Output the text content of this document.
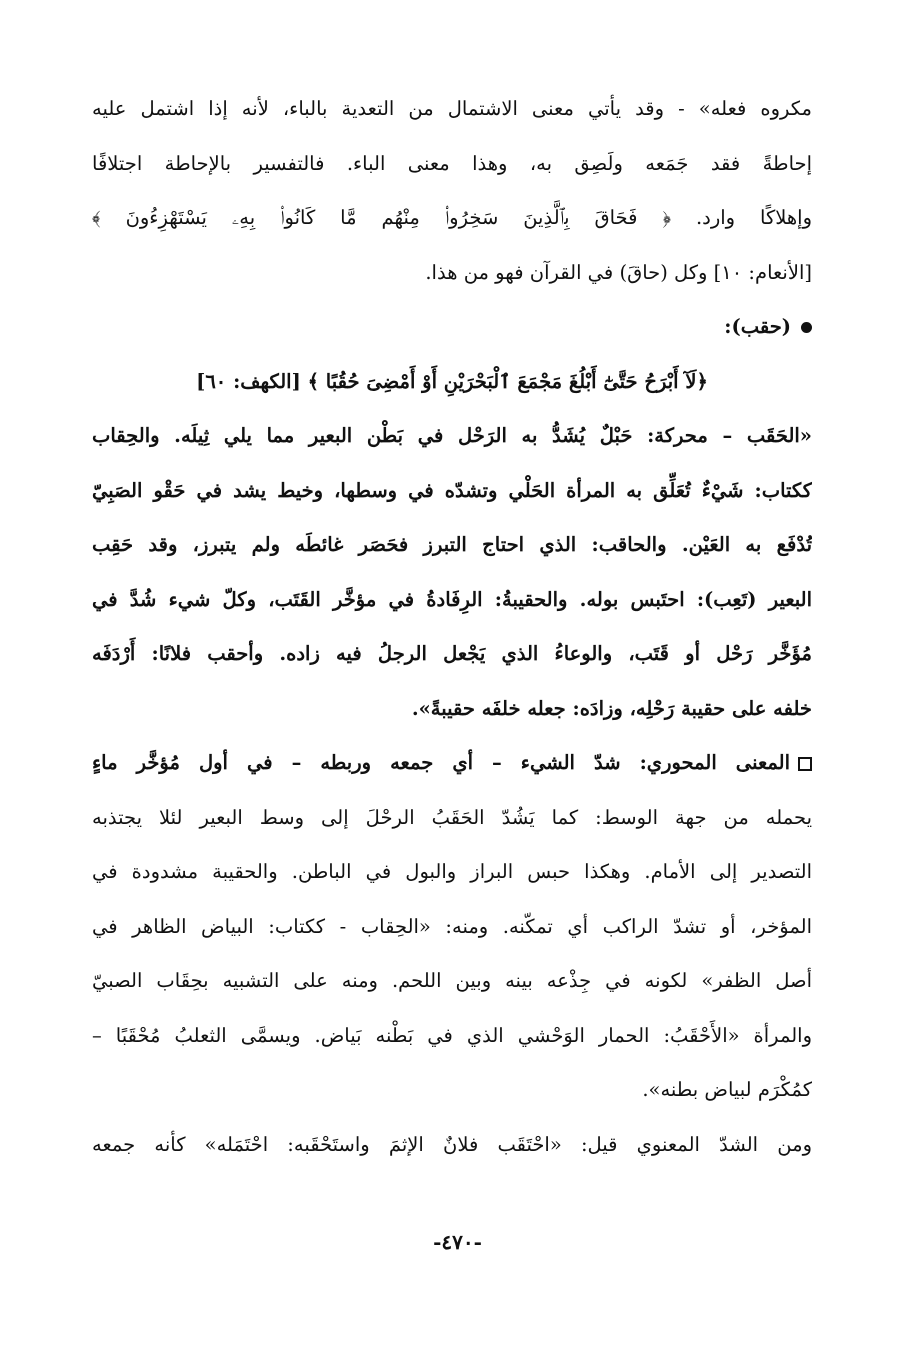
مكروه فعله» - وقد يأتي معنى الاشتمال من التعدية بالباء، لأنه إذا اشتمل عليه
إحاطةً فقد جَمَعه ولَصِق به، وهذا معنى الباء. فالتفسير بالإحاطة اجتلافًا
وإهلاكًا وارد. ﴿ فَحَاقَ بِٱلَّذِينَ سَخِرُوا۟ مِنْهُم مَّا كَانُوا۟ بِهِۦ يَسْتَهْزِءُونَ ﴾
[الأنعام: ١٠] وكل (حاقَ) في القرآن فهو من هذا.
(حقب):
﴿لَآ أَبْرَحُ حَتَّىٰٓ أَبْلُغَ مَجْمَعَ ٱلْبَحْرَيْنِ أَوْ أَمْضِىَ حُقُبًا ﴾ [الكهف: ٦٠]
«الحَقَب – محركة: حَبْلٌ يُشَدُّ به الرَحْل في بَطْن البعير مما يلي ثِيلَه. والحِقاب
ككتاب: شَيْءٌ تُعَلِّق به المرأة الحَلْي وتشدّه في وسطها، وخيط يشد في حَقْو الصَبِيّ
تُدْفَع به العَيْن. والحاقب: الذي احتاج التبرز فحَصَر غائطَه ولم يتبرز، وقد حَقِب
البعير (تَعِب): احتَبس بوله. والحقيبةُ: الرِفَادةُ في مؤخَّر القَتَب، وكلّ شيء شُدَّ في
مُؤَخَّر رَحْل أو قَتَب، والوعاءُ الذي يَجْعل الرجلُ فيه زاده. وأحقب فلانًا: أَرْدَفَه
خلفه على حقيبة رَحْلِه، وزادَه: جعله خلفَه حقيبةً».
المعنى المحوري: شدّ الشيء – أي جمعه وربطه – في أول مُؤخَّر ماءٍ
يحمله من جهة الوسط: كما يَشُدّ الحَقَبُ الرحْلَ إلى وسط البعير لئلا يجتذبه
التصدير إلى الأمام. وهكذا حبس البراز والبول في الباطن. والحقيبة مشدودة في
المؤخر، أو تشدّ الراكب أي تمكّنه. ومنه: «الحِقاب - ككتاب: البياض الظاهر في
أصل الظفر» لكونه في جِذْعه بينه وبين اللحم. ومنه على التشبيه بحِقَاب الصبيّ
والمرأة «الأَحْقَبُ: الحمار الوَحْشي الذي في بَطْنه بَياض. ويسمَّى الثعلبُ مُحْقَبًا –
كمُكْرَم لبياض بطنه».
ومن الشدّ المعنوي قيل: «احْتَقَب فلانٌ الإثمَ واستَحْقَبه: احْتَمَله» كأنه جمعه
-٤٧٠-
